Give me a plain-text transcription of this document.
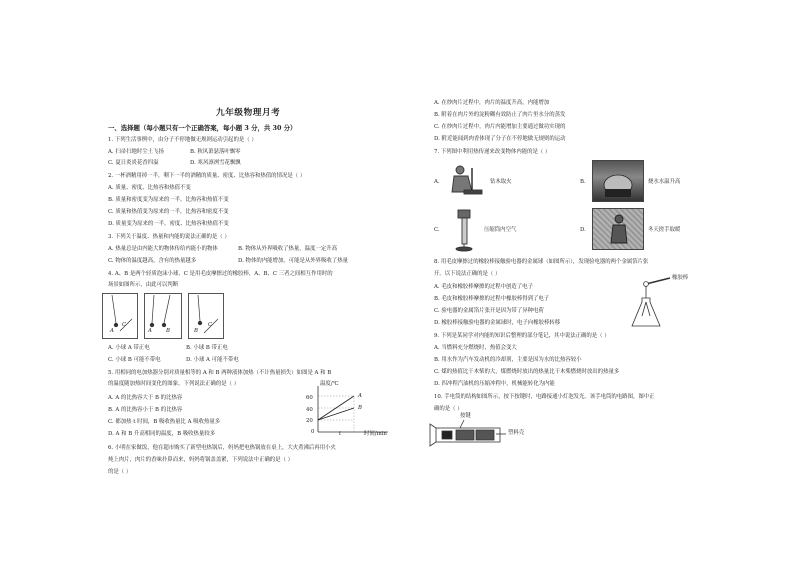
九年级物理月考
一、选择题（每小题只有一个正确答案，每小题 3 分，共 30 分）
1. 下列生活事例中，由分子不停地做无规则运动引起的是（ ）
A. 扫帚扫地时尘土飞扬	B. 秋风萧瑟落叶飘零
C. 夏日炎炎花香四溢	D. 寒风凛冽雪花飘飘
2. 一杯酒精用掉一半，剩下一半的酒精的质量、密度、比热容和热值的情况是（ ）
A. 质量、密度、比热容和热值不变
B. 质量和密度变为原来的一半，比热容和热值不变
C. 质量和热值变为原来的一半，比热容和密度不变
D. 质量变为原来的一半，密度、比热容和热值不变
3. 下列关于温度、热量和内能的说法正确的是（ ）
A. 热量总是由内能大的物体传给内能小的物体	B. 物体从外界吸收了热量，温度一定升高
C. 物体的温度越高，含有的热量越多	D. 物体的内能增加，可能是从外界吸收了热量
4. A、B 是两个轻质泡沫小球，C 是用毛皮摩擦过的橡胶棒，A、B、C 三者之间相互作用时的
场景如图所示，由此可以判断
A
C
A	B	B
C
A. 小球 A 带正电	B. 小球 B 带正电
C. 小球 B 可能不带电	D. 小球 A 可能不带电
5. 用相同的电加热器分别对质量相等的 A 和 B 两种液体加热（不计热量损失）如图是 A 和 B
的温度随加热时间变化的图象，下列说法正确的是（ ）
A. A 的比热容大于 B 的比热容
B. A 的比热容小于 B 的比热容
C. 都加热 t 时间，B 吸收热量比 A 吸收热量多
D. A 和 B 升高相同的温度，B 吸收热量较多
温度/℃
时间/min
60
40
20
0	t
A
B
6. 小明在家做饭，他在超市购买了新型电热锅后，妈妈把电热锅放在桌上，大火煮沸后再用小火
炖上肉片，肉片的香味扑鼻而来，妈妈将锅盖盖紧，下列说法中正确的是（ ）
的是（ ）
A. 在炒肉片过程中，肉片的温度升高，内能增加
B. 附着在肉片外的淀粉糊有效防止了肉片里水分的蒸发
C. 在炒肉片过程中，肉片内能增加主要通过做功实现的
D. 附近能闻到肉香体现了分子在不停地做无规则的运动
7. 下列图中利用热传递来改变物体内能的是（ ）
A.	钻木取火	B.	烧水水温升高
C.	压缩筒内空气	D.	冬天搓手取暖
8. 用毛皮摩擦过的橡胶棒接触验电器的金属球（如图所示），发现验电器的两个金属箔片张
开。以下说法正确的是（ ）
A. 毛皮和橡胶棒摩擦的过程中创造了电子
B. 毛皮和橡胶棒摩擦的过程中橡胶棒得到了电子
C. 验电器的金属箔片张开是因为带了异种电荷
D. 橡胶棒接触验电器的金属球时，电子向橡胶棒转移
橡胶棒
9. 下列是某同学对内能的知识后整理的部分笔记，其中说法正确的是（ ）
A. 当燃料充分燃烧时，热值会变大
B. 用水作为汽车发动机的冷却剂，主要是因为水的比热容较小
C. 煤的热值比干木柴的大，煤燃烧时放出的热量比干木柴燃烧时放出的热量多
D. 四冲程汽油机的压缩冲程中，机械能转化为内能
10. 手电筒的结构如图所示，按下按键时，电路接通小灯泡发光。该手电筒的电路图，图中正
确的是（ ）
按键
塑料壳
